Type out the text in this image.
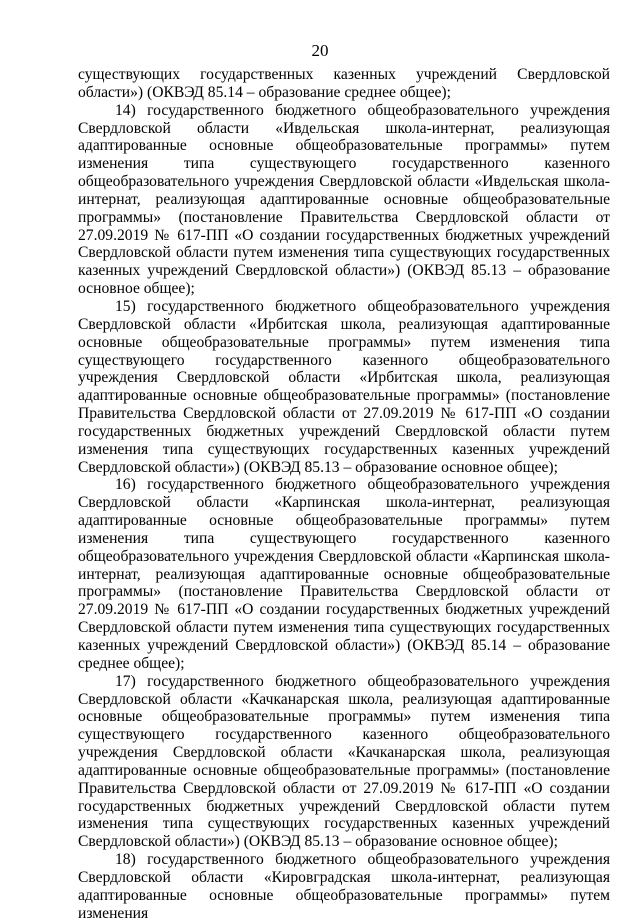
20

существующих государственных казенных учреждений Свердловской области») (ОКВЭД 85.14 – образование среднее общее);

14) государственного бюджетного общеобразовательного учреждения Свердловской области «Ивдельская школа-интернат, реализующая адаптированные основные общеобразовательные программы» путем изменения типа существующего государственного казенного общеобразовательного учреждения Свердловской области «Ивдельская школа-интернат, реализующая адаптированные основные общеобразовательные программы» (постановление Правительства Свердловской области от 27.09.2019 № 617-ПП «О создании государственных бюджетных учреждений Свердловской области путем изменения типа существующих государственных казенных учреждений Свердловской области») (ОКВЭД 85.13 – образование основное общее);

15) государственного бюджетного общеобразовательного учреждения Свердловской области «Ирбитская школа, реализующая адаптированные основные общеобразовательные программы» путем изменения типа существующего государственного казенного общеобразовательного учреждения Свердловской области «Ирбитская школа, реализующая адаптированные основные общеобразовательные программы» (постановление Правительства Свердловской области от 27.09.2019 № 617-ПП «О создании государственных бюджетных учреждений Свердловской области путем изменения типа существующих государственных казенных учреждений Свердловской области») (ОКВЭД 85.13 – образование основное общее);

16) государственного бюджетного общеобразовательного учреждения Свердловской области «Карпинская школа-интернат, реализующая адаптированные основные общеобразовательные программы» путем изменения типа существующего государственного казенного общеобразовательного учреждения Свердловской области «Карпинская школа-интернат, реализующая адаптированные основные общеобразовательные программы» (постановление Правительства Свердловской области от 27.09.2019 № 617-ПП «О создании государственных бюджетных учреждений Свердловской области путем изменения типа существующих государственных казенных учреждений Свердловской области») (ОКВЭД 85.14 – образование среднее общее);

17) государственного бюджетного общеобразовательного учреждения Свердловской области «Качканарская школа, реализующая адаптированные основные общеобразовательные программы» путем изменения типа существующего государственного казенного общеобразовательного учреждения Свердловской области «Качканарская школа, реализующая адаптированные основные общеобразовательные программы» (постановление Правительства Свердловской области от 27.09.2019 № 617-ПП «О создании государственных бюджетных учреждений Свердловской области путем изменения типа существующих государственных казенных учреждений Свердловской области») (ОКВЭД 85.13 – образование основное общее);

18) государственного бюджетного общеобразовательного учреждения Свердловской области «Кировградская школа-интернат, реализующая адаптированные основные общеобразовательные программы» путем изменения
